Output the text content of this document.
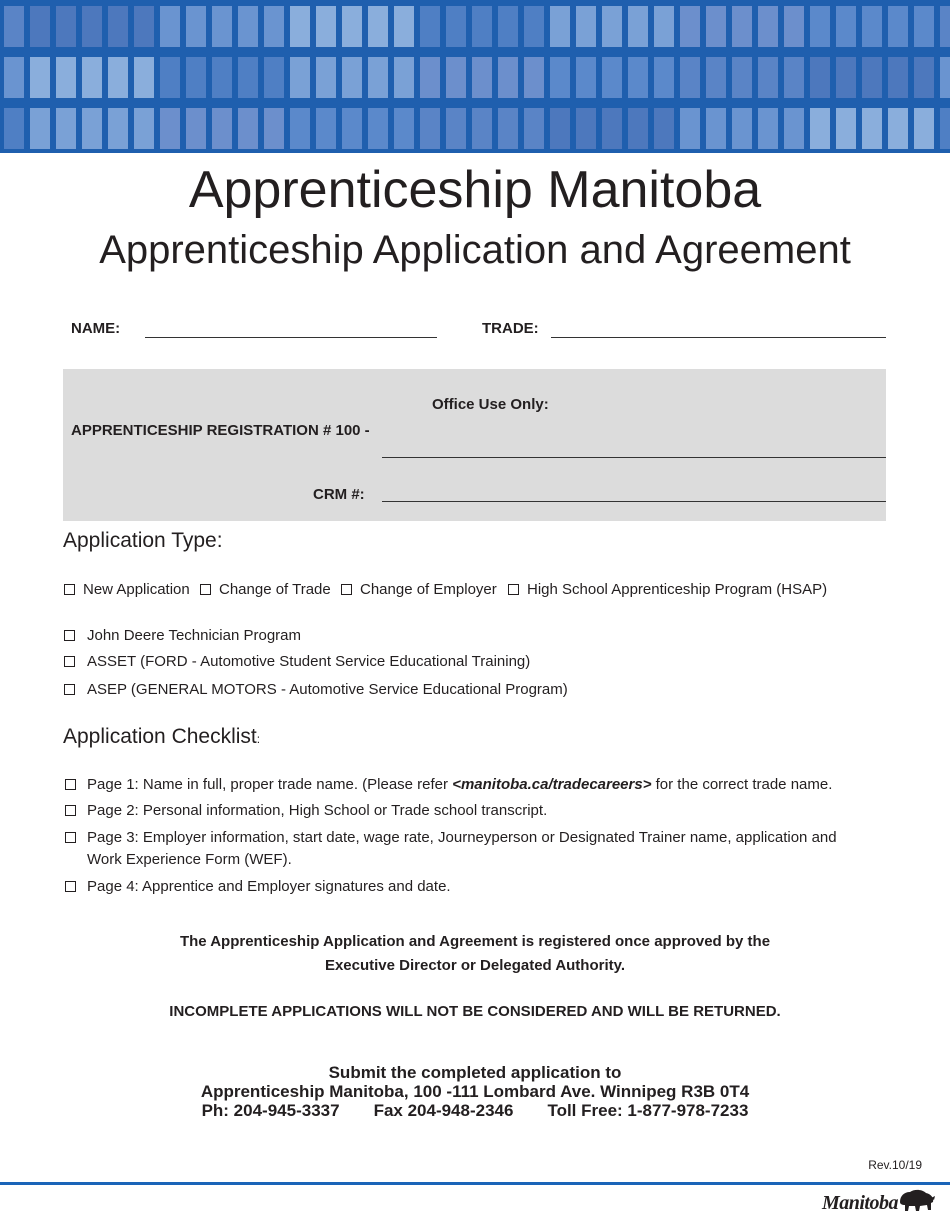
Apprenticeship Manitoba
Apprenticeship Application and Agreement
NAME:	TRADE:
Office Use Only:
APPRENTICESHIP REGISTRATION # 100 -
CRM #:
Application Type:
New Application	Change of Trade	Change of Employer	High School Apprenticeship Program (HSAP)
John Deere Technician Program
ASSET (FORD - Automotive Student Service Educational Training)
ASEP (GENERAL MOTORS - Automotive Service Educational Program)
Application Checklist:
Page 1: Name in full, proper trade name. (Please refer <manitoba.ca/tradecareers> for the correct trade name.
Page 2: Personal information, High School or Trade school transcript.
Page 3: Employer information, start date, wage rate, Journeyperson or Designated Trainer name, application and Work Experience Form (WEF).
Page 4: Apprentice and Employer signatures and date.
The Apprenticeship Application and Agreement is registered once approved by the
Executive Director or Delegated Authority.
INCOMPLETE APPLICATIONS WILL NOT BE CONSIDERED AND WILL BE RETURNED.
Submit the completed application to
Apprenticeship Manitoba, 100 -111 Lombard Ave. Winnipeg R3B 0T4
Ph: 204-945-3337 Fax 204-948-2346 Toll Free: 1-877-978-7233
Rev.10/19
Manitoba
